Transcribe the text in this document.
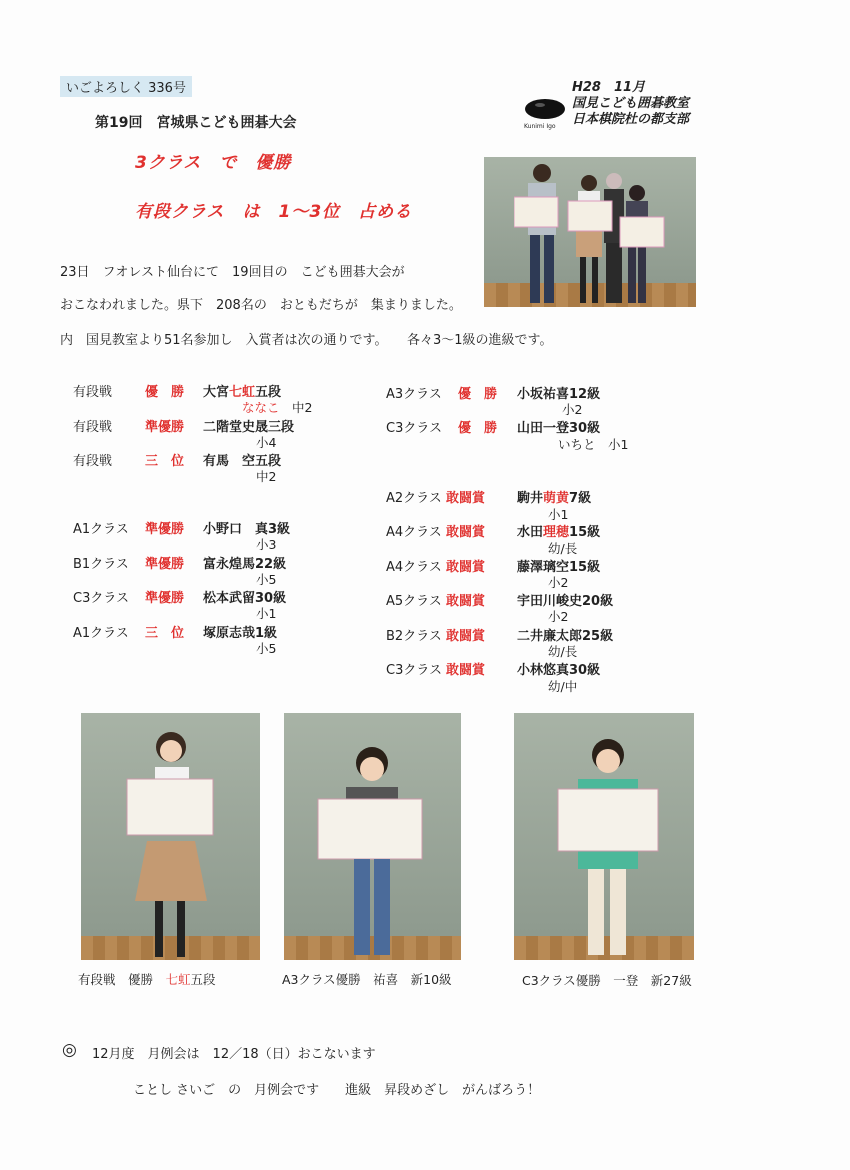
いごよろしく 336号
第19回　宮城県こども囲碁大会	Kunimi Igo
H28　11月
国見こども囲碁教室
日本棋院杜の都支部
3クラス　で　優勝
有段クラス　は　1～3位　占める
23日　フオレスト仙台にて　19回目の　こども囲碁大会が
おこなわれました。県下　208名の　おともだちが　集まりました。
内　国見教室より51名参加し　入賞者は次の通りです。　　各々3～1級の進級です。
有段戦	優　勝 大宮七虹五段
ななこ　中2
有段戦	準優勝 二階堂史晟三段
小4
有段戦	三　位 有馬　空五段
中2
A1クラス 準優勝 小野口　真3級
小3
B1クラス 準優勝 富永煌馬22級
小5
C3クラス 準優勝 松本武留30級
小1
A1クラス 三　位 塚原志哉1級
小5
A3クラス 優　勝 小坂祐喜12級
小2
C3クラス 優　勝 山田一登30級
いちと　小1
A2クラス 敢闘賞 駒井萌黄7級
小1
A4クラス 敢闘賞 水田理穂15級
幼/長
A4クラス 敢闘賞 藤澤璃空15級
小2
A5クラス 敢闘賞 宇田川峻史20級
小2
B2クラス 敢闘賞 二井廉太郎25級
幼/長
C3クラス 敢闘賞 小林悠真30級
幼/中
有段戦　優勝　七虹五段	A3クラス優勝　祐喜　新10級	C3クラス優勝　一登　新27級
◎ 12月度　月例会は　12／18（日）おこないます
ことし さいご　の　月例会です　　進級　昇段めざし　がんばろう！
